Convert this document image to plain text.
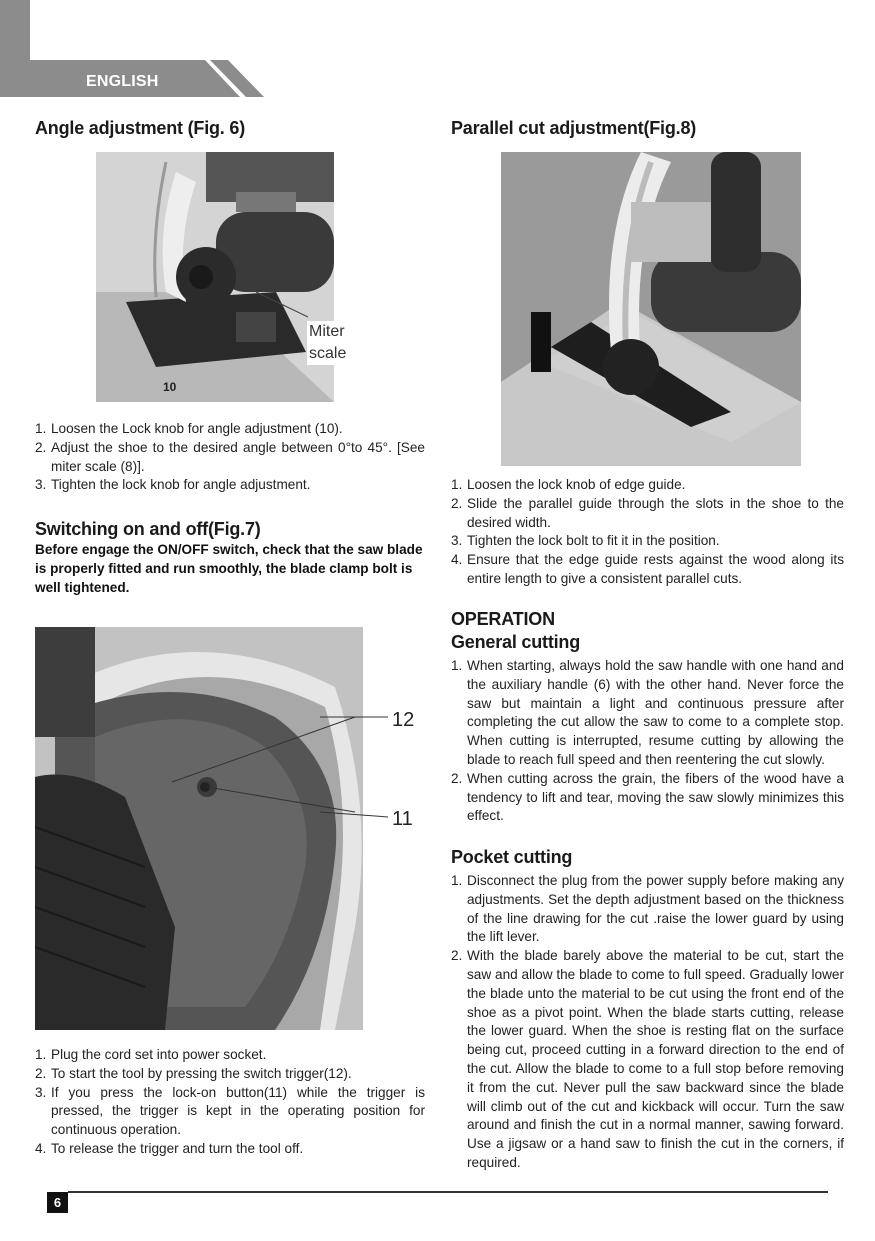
ENGLISH
Angle adjustment (Fig. 6)
Miter
scale
10
1. Loosen the Lock knob for angle adjustment (10).
2. Adjust the shoe to the desired angle between 0°to 45°. [See miter scale (8)].
3. Tighten the lock knob for angle adjustment.
Switching on and off(Fig.7)
Before engage the ON/OFF switch, check that the saw blade is properly fitted and run smoothly, the blade clamp bolt is well tightened.
12
11
1. Plug the cord set into power socket.
2. To start the tool by pressing the switch trigger(12).
3. If you press the lock-on button(11) while the trigger is pressed, the trigger is kept in the operating position for continuous operation.
4. To release the trigger and turn the tool off.
Parallel cut adjustment(Fig.8)
1. Loosen the lock knob of edge guide.
2. Slide the parallel guide through the slots in the shoe to the desired width.
3. Tighten the lock bolt to fit it in the position.
4. Ensure that the edge guide rests against the wood along its entire length to give a consistent parallel cuts.
OPERATION
General cutting
1. When starting, always hold the saw handle with one hand and the auxiliary handle (6) with the other hand. Never force the saw but maintain a light and continuous pressure after completing the cut allow the saw to come to a complete stop. When cutting is interrupted, resume cutting by allowing the blade to reach full speed and then reentering the cut slowly.
2. When cutting across the grain, the fibers of the wood have a tendency to lift and tear, moving the saw slowly minimizes this effect.
Pocket cutting
1. Disconnect the plug from the power supply before making any adjustments. Set the depth adjustment based on the thickness of the line drawing for the cut .raise the lower guard by using the lift lever.
2. With the blade barely above the material to be cut, start the saw and allow the blade to come to full speed. Gradually lower the blade unto the material to be cut using the front end of the shoe as a pivot point. When the blade starts cutting, release the lower guard. When the shoe is resting flat on the surface being cut, proceed cutting in a forward direction to the end of the cut. Allow the blade to come to a full stop before removing it from the cut. Never pull the saw backward since the blade will climb out of the cut and kickback will occur. Turn the saw around and finish the cut in a normal manner, sawing forward. Use a jigsaw or a hand saw to finish the cut in the corners, if required.
6
